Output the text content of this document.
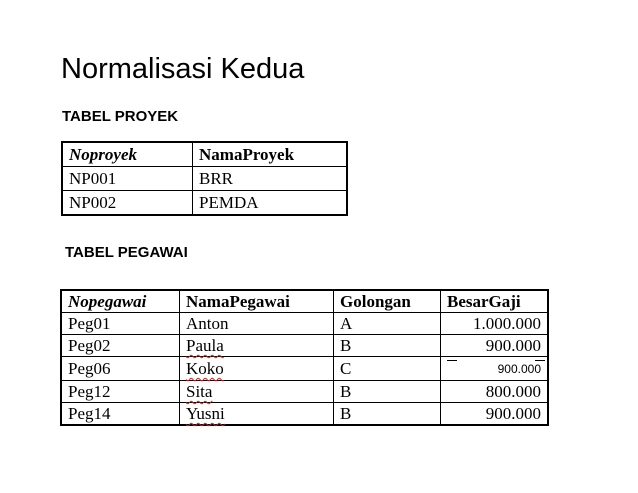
Normalisasi Kedua
TABEL PROYEK
Noproyek	NamaProyek
NP001	BRR
NP002	PEMDA
TABEL PEGAWAI
Nopegawai	NamaPegawai	Golongan	BesarGaji
Peg01	Anton	A	1.000.000
Peg02	Paula	B	900.000
Peg06	Koko	C	900.000
Peg12	Sita	B	800.000
Peg14	Yusni	B	900.000
